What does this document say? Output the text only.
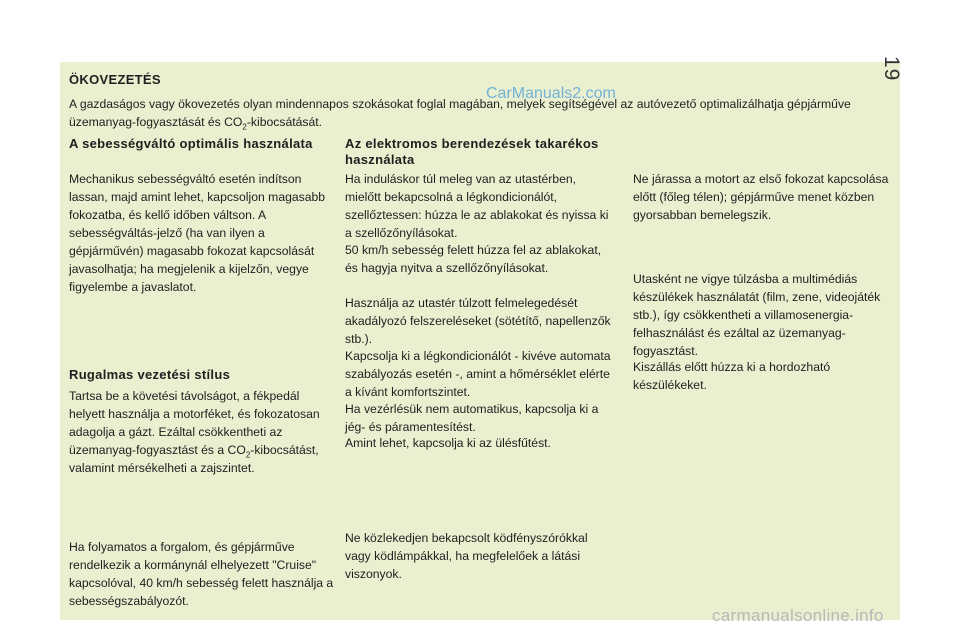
19
ÖKOVEZETÉS
A gazdaságos vagy ökovezetés olyan mindennapos szokásokat foglal magában, melyek segítségével az autóvezető optimalizálhatja gépjárműve üzemanyag-fogyasztását és $CO_2$-kibocsátását.
CarManuals2.com
A sebességváltó optimális használata
Mechanikus sebességváltó esetén indítson lassan, majd amint lehet, kapcsoljon magasabb fokozatba, és kellő időben váltson. A sebességváltás-jelző (ha van ilyen a gépjárművén) magasabb fokozat kapcsolását javasolhatja; ha megjelenik a kijelzőn, vegye figyelembe a javaslatot.
Rugalmas vezetési stílus
Tartsa be a követési távolságot, a fékpedál helyett használja a motorféket, és fokozatosan adagolja a gázt. Ezáltal csökkentheti az üzemanyag-fogyasztást és a $CO_2$-kibocsátást, valamint mérsékelheti a zajszintet.
Ha folyamatos a forgalom, és gépjárműve rendelkezik a kormánynál elhelyezett "Cruise" kapcsolóval, 40 km/h sebesség felett használja a sebességszabályozót.
Az elektromos berendezések takarékos használata
Ha induláskor túl meleg van az utastérben, mielőtt bekapcsolná a légkondicionálót, szellőztessen: húzza le az ablakokat és nyissa ki a szellőzőnyílásokat.
50 km/h sebesség felett húzza fel az ablakokat, és hagyja nyitva a szellőzőnyílásokat.
Használja az utastér túlzott felmelegedését akadályozó felszereléseket (sötétítő, napellenzők stb.).
Kapcsolja ki a légkondicionálót - kivéve automata szabályozás esetén -, amint a hőmérséklet elérte a kívánt komfortszintet.
Ha vezérlésük nem automatikus, kapcsolja ki a jég- és páramentesítést.
Amint lehet, kapcsolja ki az ülésfűtést.
Ne közlekedjen bekapcsolt ködfényszórókkal vagy ködlámpákkal, ha megfelelőek a látási viszonyok.
Ne járassa a motort az első fokozat kapcsolása előtt (főleg télen); gépjárműve menet közben gyorsabban bemelegszik.
Utasként ne vigye túlzásba a multimédiás készülékek használatát (film, zene, videojáték stb.), így csökkentheti a villamosenergia-felhasználást és ezáltal az üzemanyag-fogyasztást.
Kiszállás előtt húzza ki a hordozható készülékeket.
carmanualsonline.info
